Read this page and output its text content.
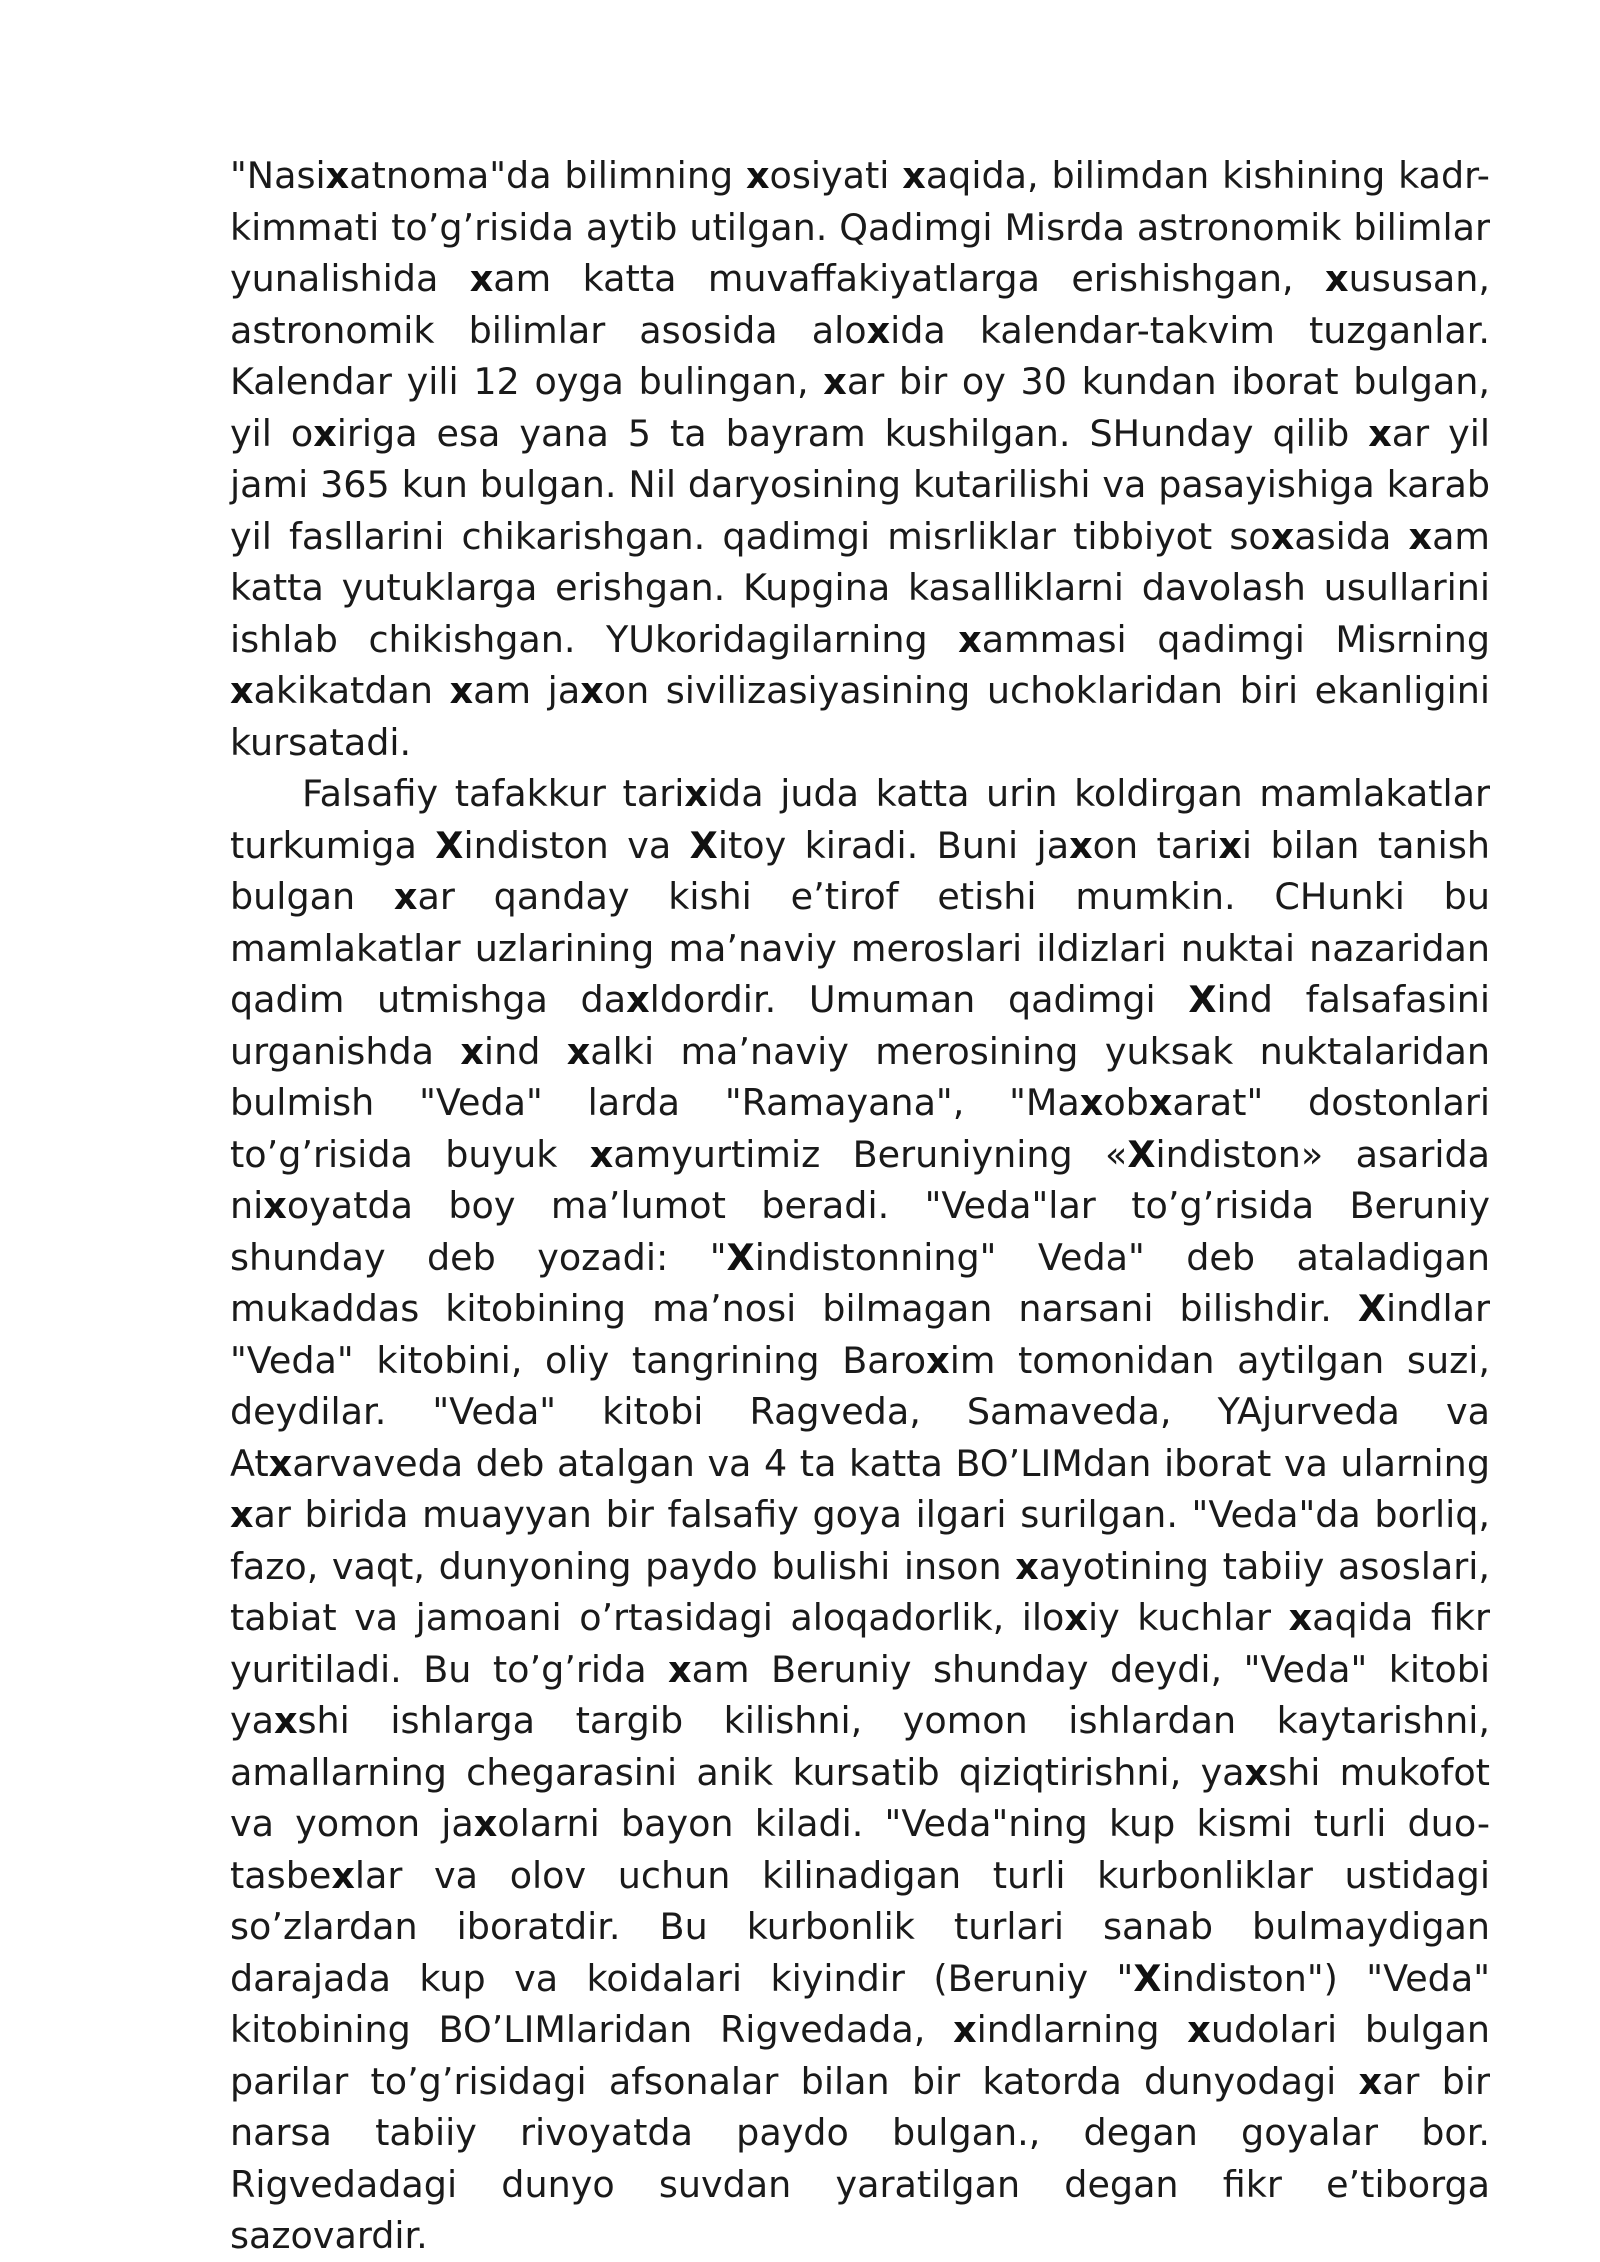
"Nasixatnoma"da bilimning xosiyati xaqida, bilimdan kishining kadr-kimmati to’g’risida aytib utilgan. Qadimgi Misrda astronomik bilimlar yunalishida xam katta muvaffakiyatlarga erishishgan, xususan, astronomik bilimlar asosida aloxida kalendar-takvim tuzganlar. Kalendar yili 12 oyga bulingan, xar bir oy 30 kundan iborat bulgan, yil oxiriga esa yana 5 ta bayram kushilgan. SHunday qilib xar yil jami 365 kun bulgan. Nil daryosining kutarilishi va pasayishiga karab yil fasllarini chikarishgan. qadimgi misrliklar tibbiyot soxasida xam katta yutuklarga erishgan. Kupgina kasalliklarni davolash usullarini ishlab chikishgan. YUkoridagilarning xammasi qadimgi Misrning xakikatdan xam jaxon sivilizasiyasining uchoklaridan biri ekanligini kursatadi.

Falsafiy tafakkur tarixida juda katta urin koldirgan mamlakatlar turkumiga Xindiston va Xitoy kiradi. Buni jaxon tarixi bilan tanish bulgan xar qanday kishi e’tirof etishi mumkin. CHunki bu mamlakatlar uzlarining ma’naviy meroslari ildizlari nuktai nazaridan qadim utmishga daxldordir. Umuman qadimgi Xind falsafasini urganishda xind xalki ma’naviy merosining yuksak nuktalaridan bulmish "Veda" larda "Ramayana", "Maxobxarat" dostonlari to’g’risida buyuk xamyurtimiz Beruniyning «Xindiston» asarida nixoyatda boy ma’lumot beradi. "Veda"lar to’g’risida Beruniy shunday deb yozadi: "Xindistonning" Veda" deb ataladigan mukaddas kitobining ma’nosi bilmagan narsani bilishdir. Xindlar "Veda" kitobini, oliy tangrining Baroxim tomonidan aytilgan suzi, deydilar. "Veda" kitobi Ragveda, Samaveda, YAjurveda va Atxarvaveda deb atalgan va 4 ta katta BO’LIMdan iborat va ularning xar birida muayyan bir falsafiy goya ilgari surilgan. "Veda"da borliq, fazo, vaqt, dunyoning paydo bulishi inson xayotining tabiiy asoslari, tabiat va jamoani o’rtasidagi aloqadorlik, iloxiy kuchlar xaqida fikr yuritiladi. Bu to’g’rida xam Beruniy shunday deydi, "Veda" kitobi yaxshi ishlarga targib kilishni, yomon ishlardan kaytarishni, amallarning chegarasini anik kursatib qiziqtirishni, yaxshi mukofot va yomon jaxolarni bayon kiladi. "Veda"ning kup kismi turli duo-tasbexlar va olov uchun kilinadigan turli kurbonliklar ustidagi so’zlardan iboratdir. Bu kurbonlik turlari sanab bulmaydigan darajada kup va koidalari kiyindir (Beruniy "Xindiston") "Veda" kitobining BO’LIMlaridan Rigvedada, xindlarning xudolari bulgan parilar to’g’risidagi afsonalar bilan bir katorda dunyodagi xar bir narsa tabiiy rivoyatda paydo bulgan., degan goyalar bor. Rigvedadagi dunyo suvdan yaratilgan degan fikr e’tiborga sazovardir.
